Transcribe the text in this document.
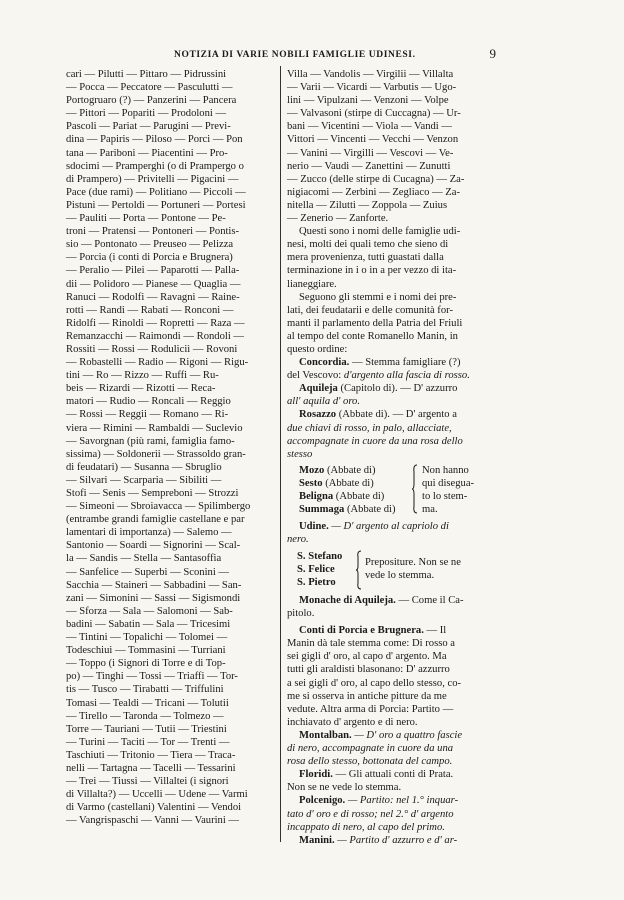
NOTIZIA DI VARIE NOBILI FAMIGLIE UDINESI.	9
cari — Pilutti — Pittaro — Pidrussini
— Pocca — Peccatore — Pasculutti —
Portogruaro (?) — Panzerini — Pancera
— Pittori — Popariti — Prodoloni —
Pascoli — Pariat — Parugini — Previ-
dina — Papiris — Piloso — Porci — Pon
tana — Pariboni — Piacentini — Pro-
sdocimi — Pramperghi (o di Prampergo o
di Prampero) — Privitelli — Pigacini —
Pace (due rami) — Politiano — Piccoli —
Pistuni — Pertoldi — Portuneri — Portesi
— Pauliti — Porta — Pontone — Pe-
troni — Pratensi — Pontoneri — Pontis-
sio — Pontonato — Preuseo — Pelizza
— Porcia (i conti di Porcia e Brugnera)
— Peralio — Pilei — Paparotti — Palla-
dii — Polidoro — Pianese — Quaglia —
Ranuci — Rodolfi — Ravagni — Raine-
rotti — Randi — Rabati — Ronconi —
Ridolfi — Rinoldi — Ropretti — Raza —
Remanzacchi — Raimondi — Rondoli —
Rossiti — Rossi — Roduliciì — Rovoni
— Robastelli — Radio — Rigoni — Rigu-
tini — Ro — Rizzo — Ruffi — Ru-
beis — Rizardi — Rizotti — Reca-
matori — Rudio — Roncali — Reggio
— Rossi — Reggii — Romano — Ri-
viera — Rimini — Rambaldi — Suclevio
— Savorgnan (più rami, famiglia famo-
sissima) — Soldonerii — Strassoldo gran-
di feudatari) — Susanna — Sbruglio
— Silvari — Scarparia — Sibiliti —
Stofi — Senis — Sempreboni — Strozzi
— Simeoni — Sbroiavacca — Spilimbergo
(entrambe grandi famiglie castellane e par
lamentari di importanza) — Salemo —
Santonio — Soardi — Signorini — Scal-
la — Sandis — Stella — Santasoffia
— Sanfelice — Superbi — Sconini —
Sacchia — Stainerì — Sabbadini — San-
zani — Simonini — Sassi — Sigismondi
— Sforza — Sala — Salomoni — Sab-
badini — Sabatin — Sala — Tricesimi
— Tintini — Topalichi — Tolomei —
Todeschiui — Tommasini — Turriani
— Toppo (i Signori di Torre e di Top-
po) — Tinghi — Tossi — Triaffi — Tor-
tis — Tusco — Tirabatti — Triffulini
Tomasi — Tealdi — Tricani — Tolutii
— Tirello — Taronda — Tolmezo —
Torre — Tauriani — Tutii — Triestini
— Turini — Taciti — Tor — Trenti —
Taschiuti — Tritonio — Tiera — Traca-
nelli — Tartagna — Tacelli — Tessarini
— Trei — Tiussi — Villaltei (i signori
di Villalta?) — Uccelli — Udene — Varmi
di Varmo (castellani) Valentini — Vendoi
— Vangrispaschi — Vanni — Vaurini —
Villa — Vandolis — Virgilii — Villalta
— Varii — Vicardi — Varbutis — Ugo-
lini — Vipulzani — Venzoni — Volpe
— Valvasoni (stirpe di Cuccagna) — Ur-
bani — Vicentini — Viola — Vandi —
Vittori — Vincenti — Vecchi — Venzon
— Vanini — Virgilli — Vescovi — Ve-
nerio — Vaudi — Zanettini — Zunutti
— Zucco (delle stirpe di Cucagna) — Za-
nigiacomi — Zerbini — Zegliaco — Za-
nitella — Zilutti — Zoppola — Zuius
— Zenerio — Zanforte.
Questi sono i nomi delle famiglie udi-
nesi, molti dei quali temo che sieno di
mera provenienza, tutti guastati dalla
terminazione in i o in a per vezzo di ita-
lianeggiare.
Seguono gli stemmi e i nomi dei pre-
lati, dei feudatarii e delle comunità for-
manti il parlamento della Patria del Friuli
al tempo del conte Romanello Manin, in
questo ordine:
Concordia. — Stemma famigliare (?)
del Vescovo: d'argento alla fascia di rosso.
Aquileja (Capitolo di). — D' azzurro
all' aquila d' oro.
Rosazzo (Abbate di). — D' argento a
due chiavi di rosso, in palo, allacciate,
accompagnate in cuore da una rosa dello
stesso
Mozo (Abbate di)
Sesto (Abbate di)
Beligna (Abbate di)
Summaga (Abbate di)
Non hanno
qui disegua-
to lo stem-
ma.
Udine. — D' argento al capriolo di
nero.
S. Stefano
S. Felice
S. Pietro
Prepositure. Non se ne
vede lo stemma.
Monache di Aquileja. — Come il Ca-
pitolo.
Conti di Porcia e Brugnera. — Il
Manin dà tale stemma come: Di rosso a
sei gigli d' oro, al capo d' argento. Ma
tutti gli araldisti blasonano: D' azzurro
a sei gigli d' oro, al capo dello stesso, co-
me si osserva in antiche pitture da me
vedute. Altra arma di Porcia: Partito —
inchiavato d' argento e di nero.
Montalban. — D' oro a quattro fascie
di nero, accompagnate in cuore da una
rosa dello stesso, bottonata del campo.
Floridi. — Gli attuali conti di Prata.
Non se ne vede lo stemma.
Polcenigo. — Partito: nel 1.° inquar-
tato d' oro e di rosso; nel 2.° d' argento
incappato di nero, al capo del primo.
Manini. — Partito d' azzurro e d' ar-
